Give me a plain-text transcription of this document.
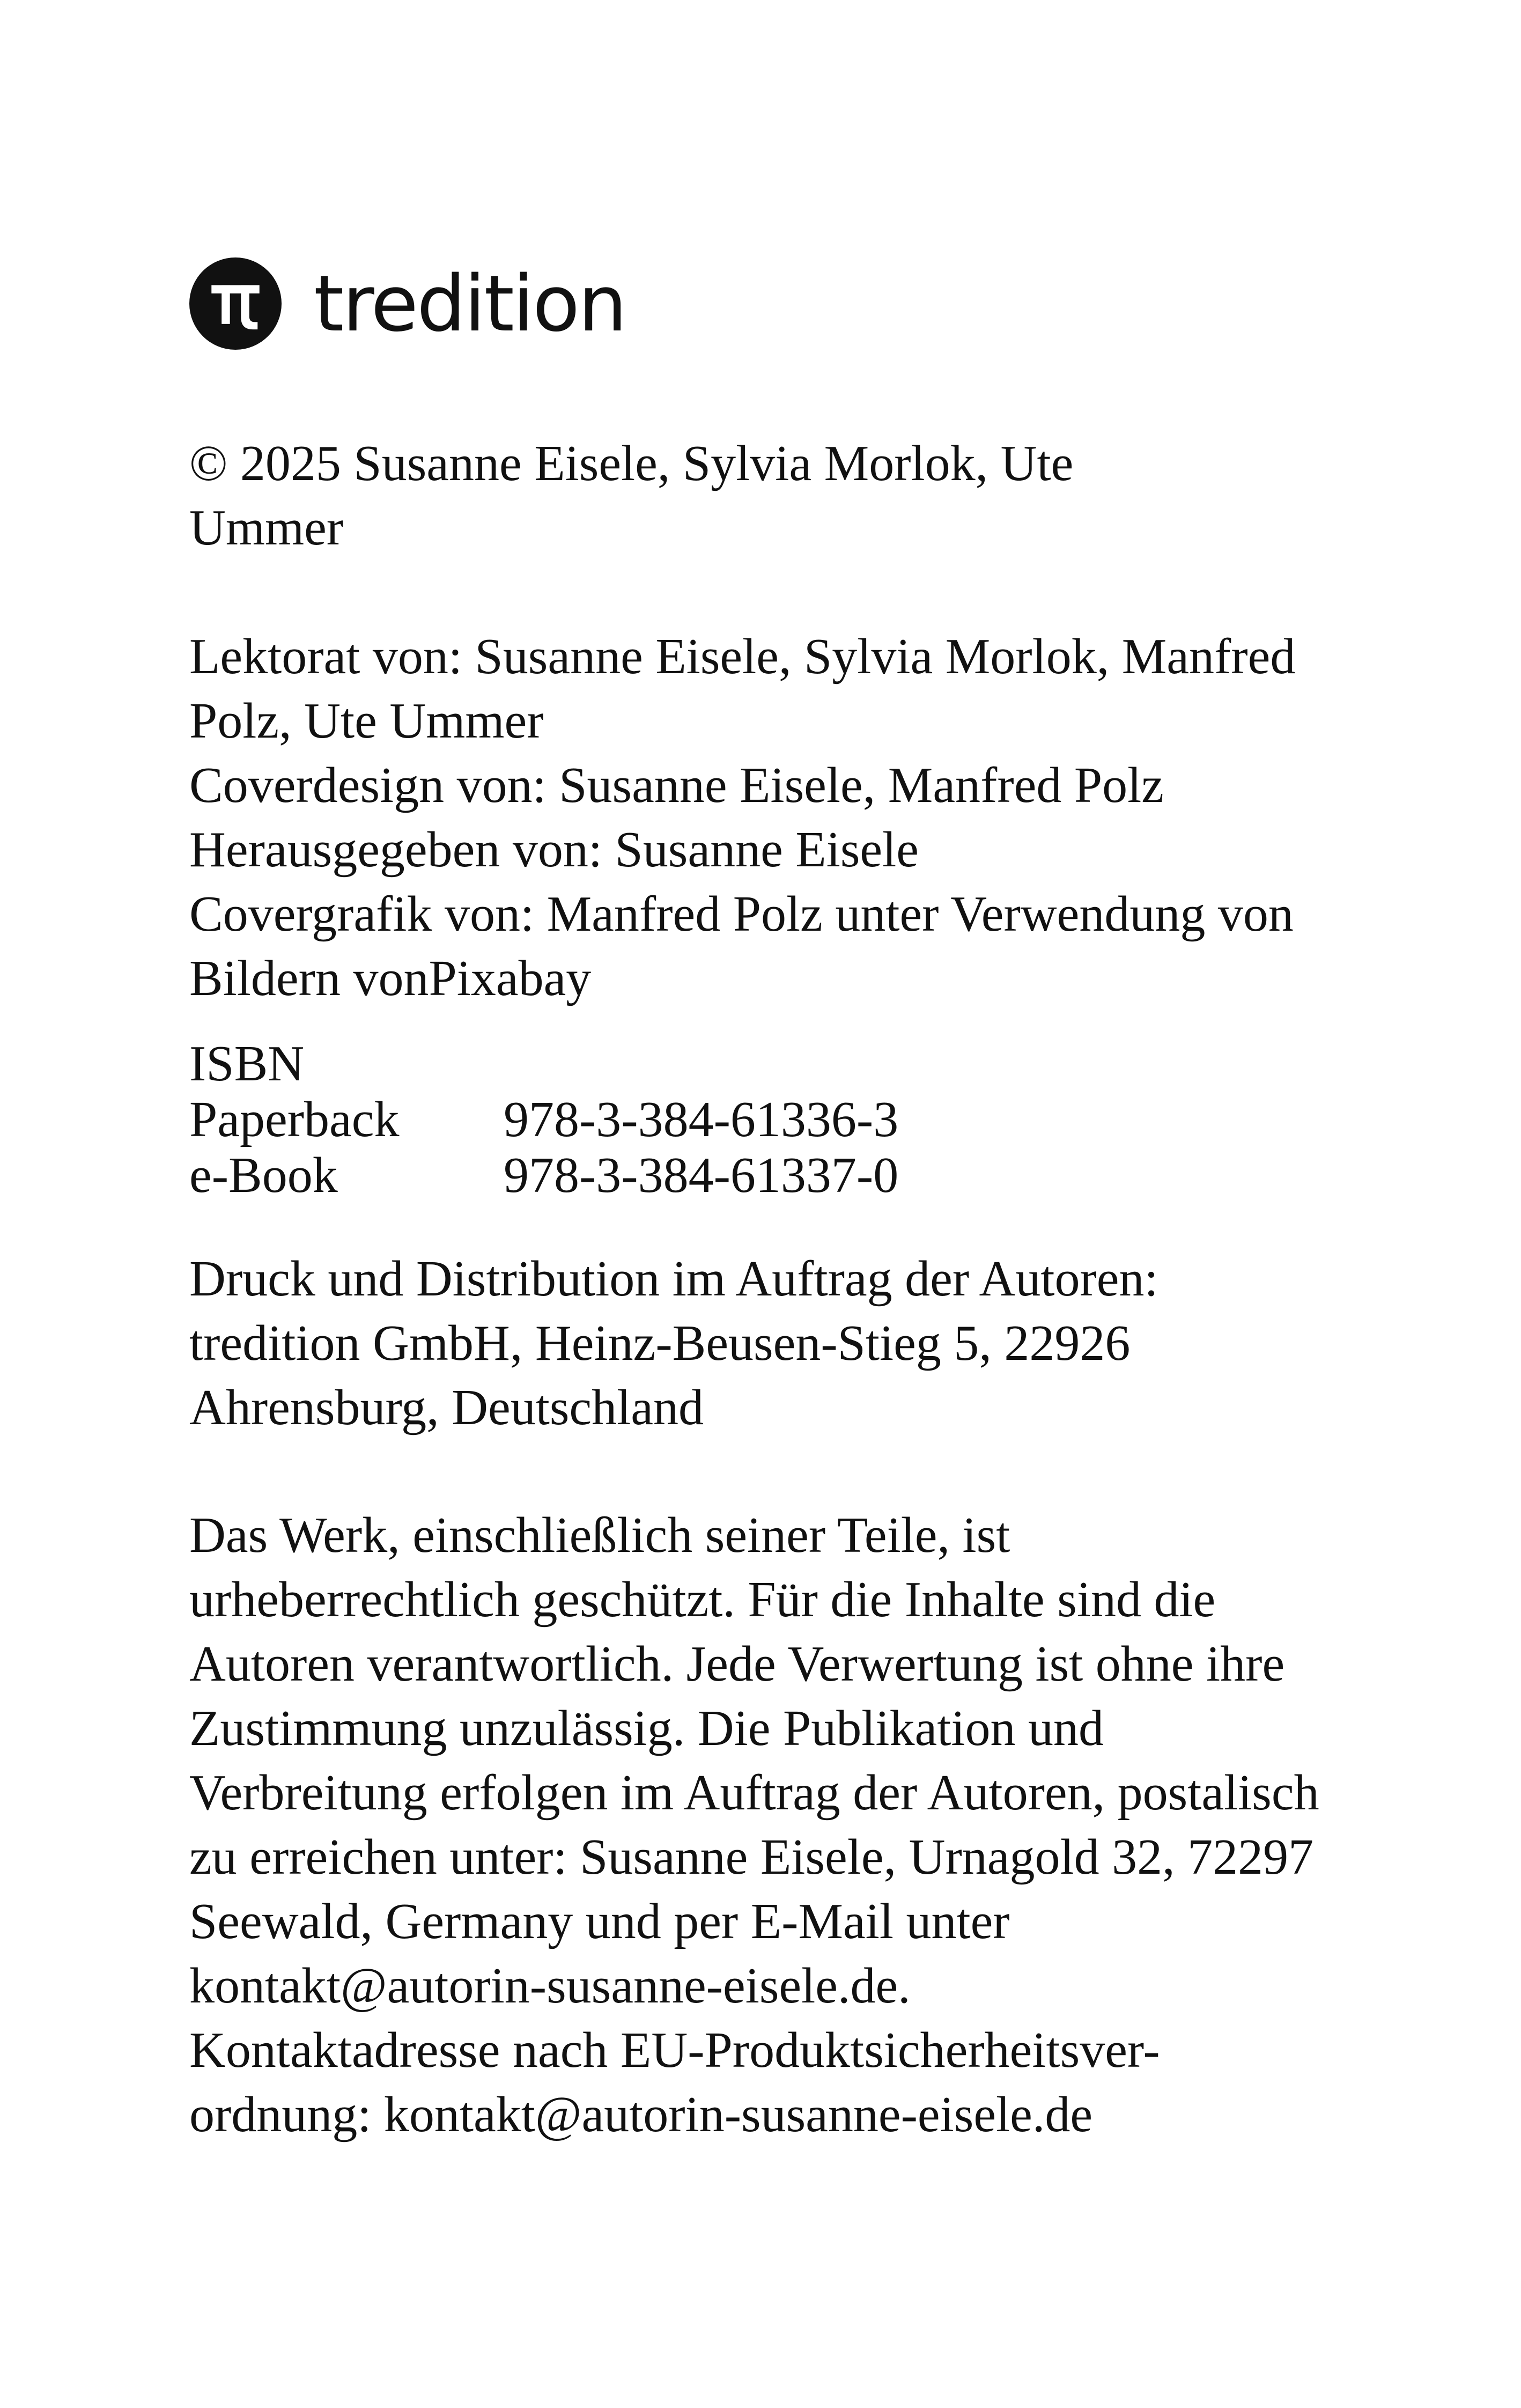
tredition
© 2025 Susanne Eisele, Sylvia Morlok, Ute
Ummer
Lektorat von: Susanne Eisele, Sylvia Morlok, Manfred
Polz, Ute Ummer
Coverdesign von: Susanne Eisele, Manfred Polz
Herausgegeben von: Susanne Eisele
Covergrafik von: Manfred Polz unter Verwendung von
Bildern vonPixabay
ISBN
Paperback	978-3-384-61336-3
e-Book	978-3-384-61337-0
Druck und Distribution im Auftrag der Autoren:
tredition GmbH, Heinz-Beusen-Stieg 5, 22926
Ahrensburg, Deutschland
Das Werk, einschließlich seiner Teile, ist
urheberrechtlich geschützt. Für die Inhalte sind die
Autoren verantwortlich. Jede Verwertung ist ohne ihre
Zustimmung unzulässig. Die Publikation und
Verbreitung erfolgen im Auftrag der Autoren, postalisch
zu erreichen unter: Susanne Eisele, Urnagold 32, 72297
Seewald, Germany und per E-Mail unter
kontakt@autorin-susanne-eisele.de.
Kontaktadresse nach EU-Produktsicherheitsver-
ordnung: kontakt@autorin-susanne-eisele.de
